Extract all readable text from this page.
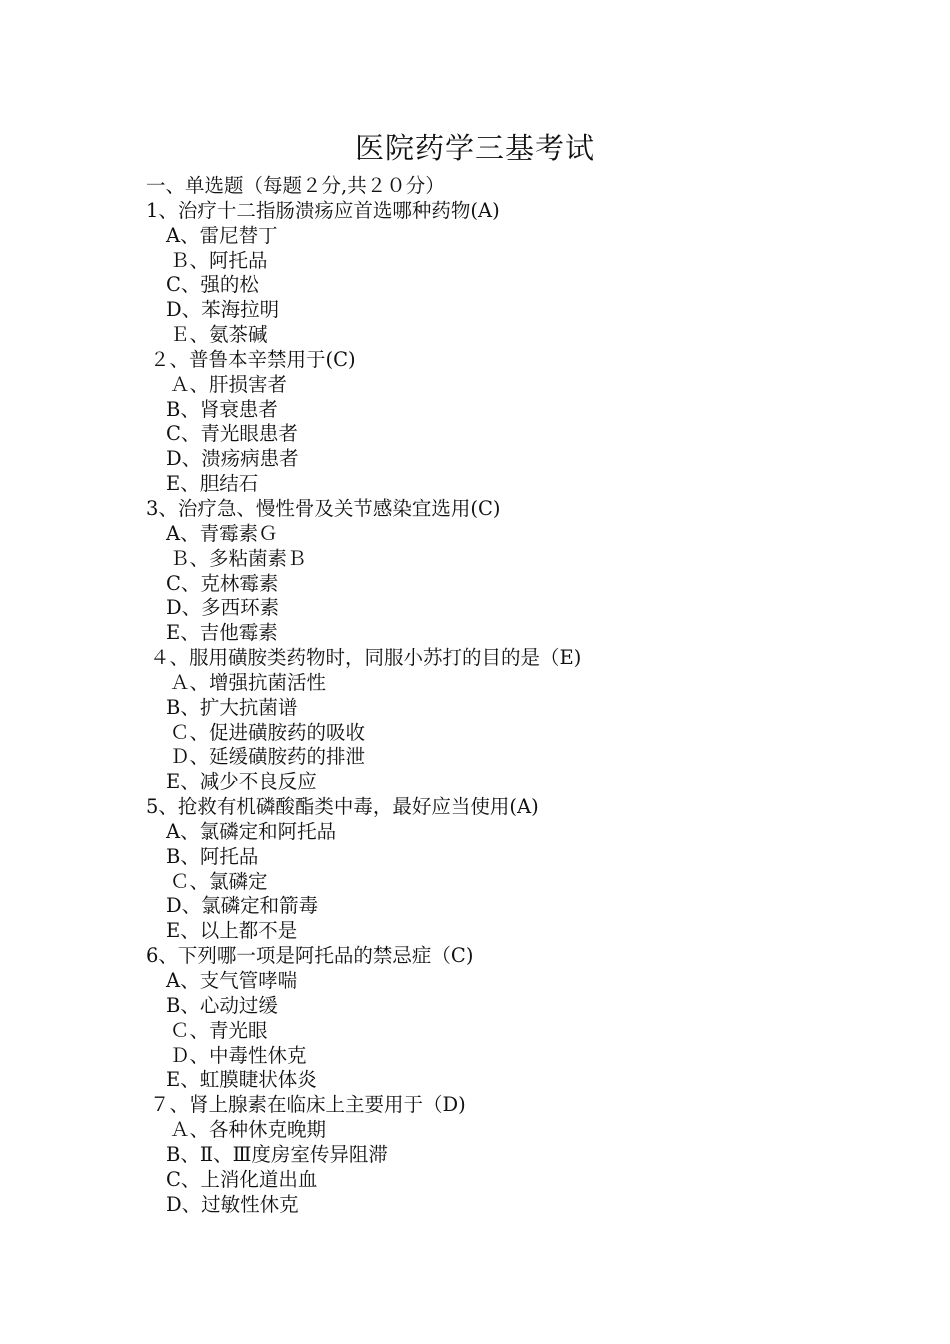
医院药学三基考试
一、单选题（每题２分,共２０分）
1、治疗十二指肠溃疡应首选哪种药物(A)
A、雷尼替丁
Ｂ、阿托品
C、强的松
D、苯海拉明
Ｅ、氨茶碱
２、普鲁本辛禁用于(C)
Ａ、肝损害者
B、肾衰患者
C、青光眼患者
D、溃疡病患者
E、胆结石
3、治疗急、慢性骨及关节感染宜选用(C)
A、青霉素Ｇ
Ｂ、多粘菌素Ｂ
C、克林霉素
D、多西环素
E、吉他霉素
４、服用磺胺类药物时，同服小苏打的目的是（E)
Ａ、增强抗菌活性
B、扩大抗菌谱
Ｃ、促进磺胺药的吸收
Ｄ、延缓磺胺药的排泄
E、减少不良反应
5、抢救有机磷酸酯类中毒，最好应当使用(A)
A、氯磷定和阿托品
B、阿托品
Ｃ、氯磷定
D、氯磷定和箭毒
E、以上都不是
6、下列哪一项是阿托品的禁忌症（C)
A、支气管哮喘
B、心动过缓
Ｃ、青光眼
Ｄ、中毒性休克
E、虹膜睫状体炎
７、肾上腺素在临床上主要用于（D)
Ａ、各种休克晚期
B、Ⅱ、Ⅲ度房室传异阻滞
C、上消化道出血
D、过敏性休克
